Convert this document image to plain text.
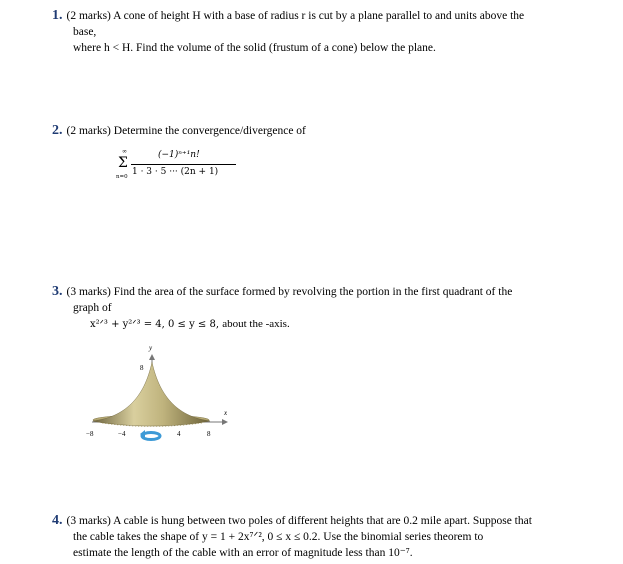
1. (2 marks) A cone of height H with a base of radius r is cut by a plane parallel to and units above the
base,
where h < H. Find the volume of the solid (frustum of a cone) below the plane.
2. (2 marks) Determine the convergence/divergence of
∞
Σ
n=0
(−1)ⁿ⁺¹n!
1 · 3 · 5 ··· (2n + 1)
3. (3 marks) Find the area of the surface formed by revolving the portion in the first quadrant of the
graph of
x²ᐟ³ + y²ᐟ³ = 4, 0 ≤ y ≤ 8, about the -axis.
x
y
8
−8	−4	4	8
4. (3 marks) A cable is hung between two poles of different heights that are 0.2 mile apart. Suppose that
the cable takes the shape of y = 1 + 2x⁷ᐟ², 0 ≤ x ≤ 0.2. Use the binomial series theorem to
estimate the length of the cable with an error of magnitude less than 10⁻⁷.
